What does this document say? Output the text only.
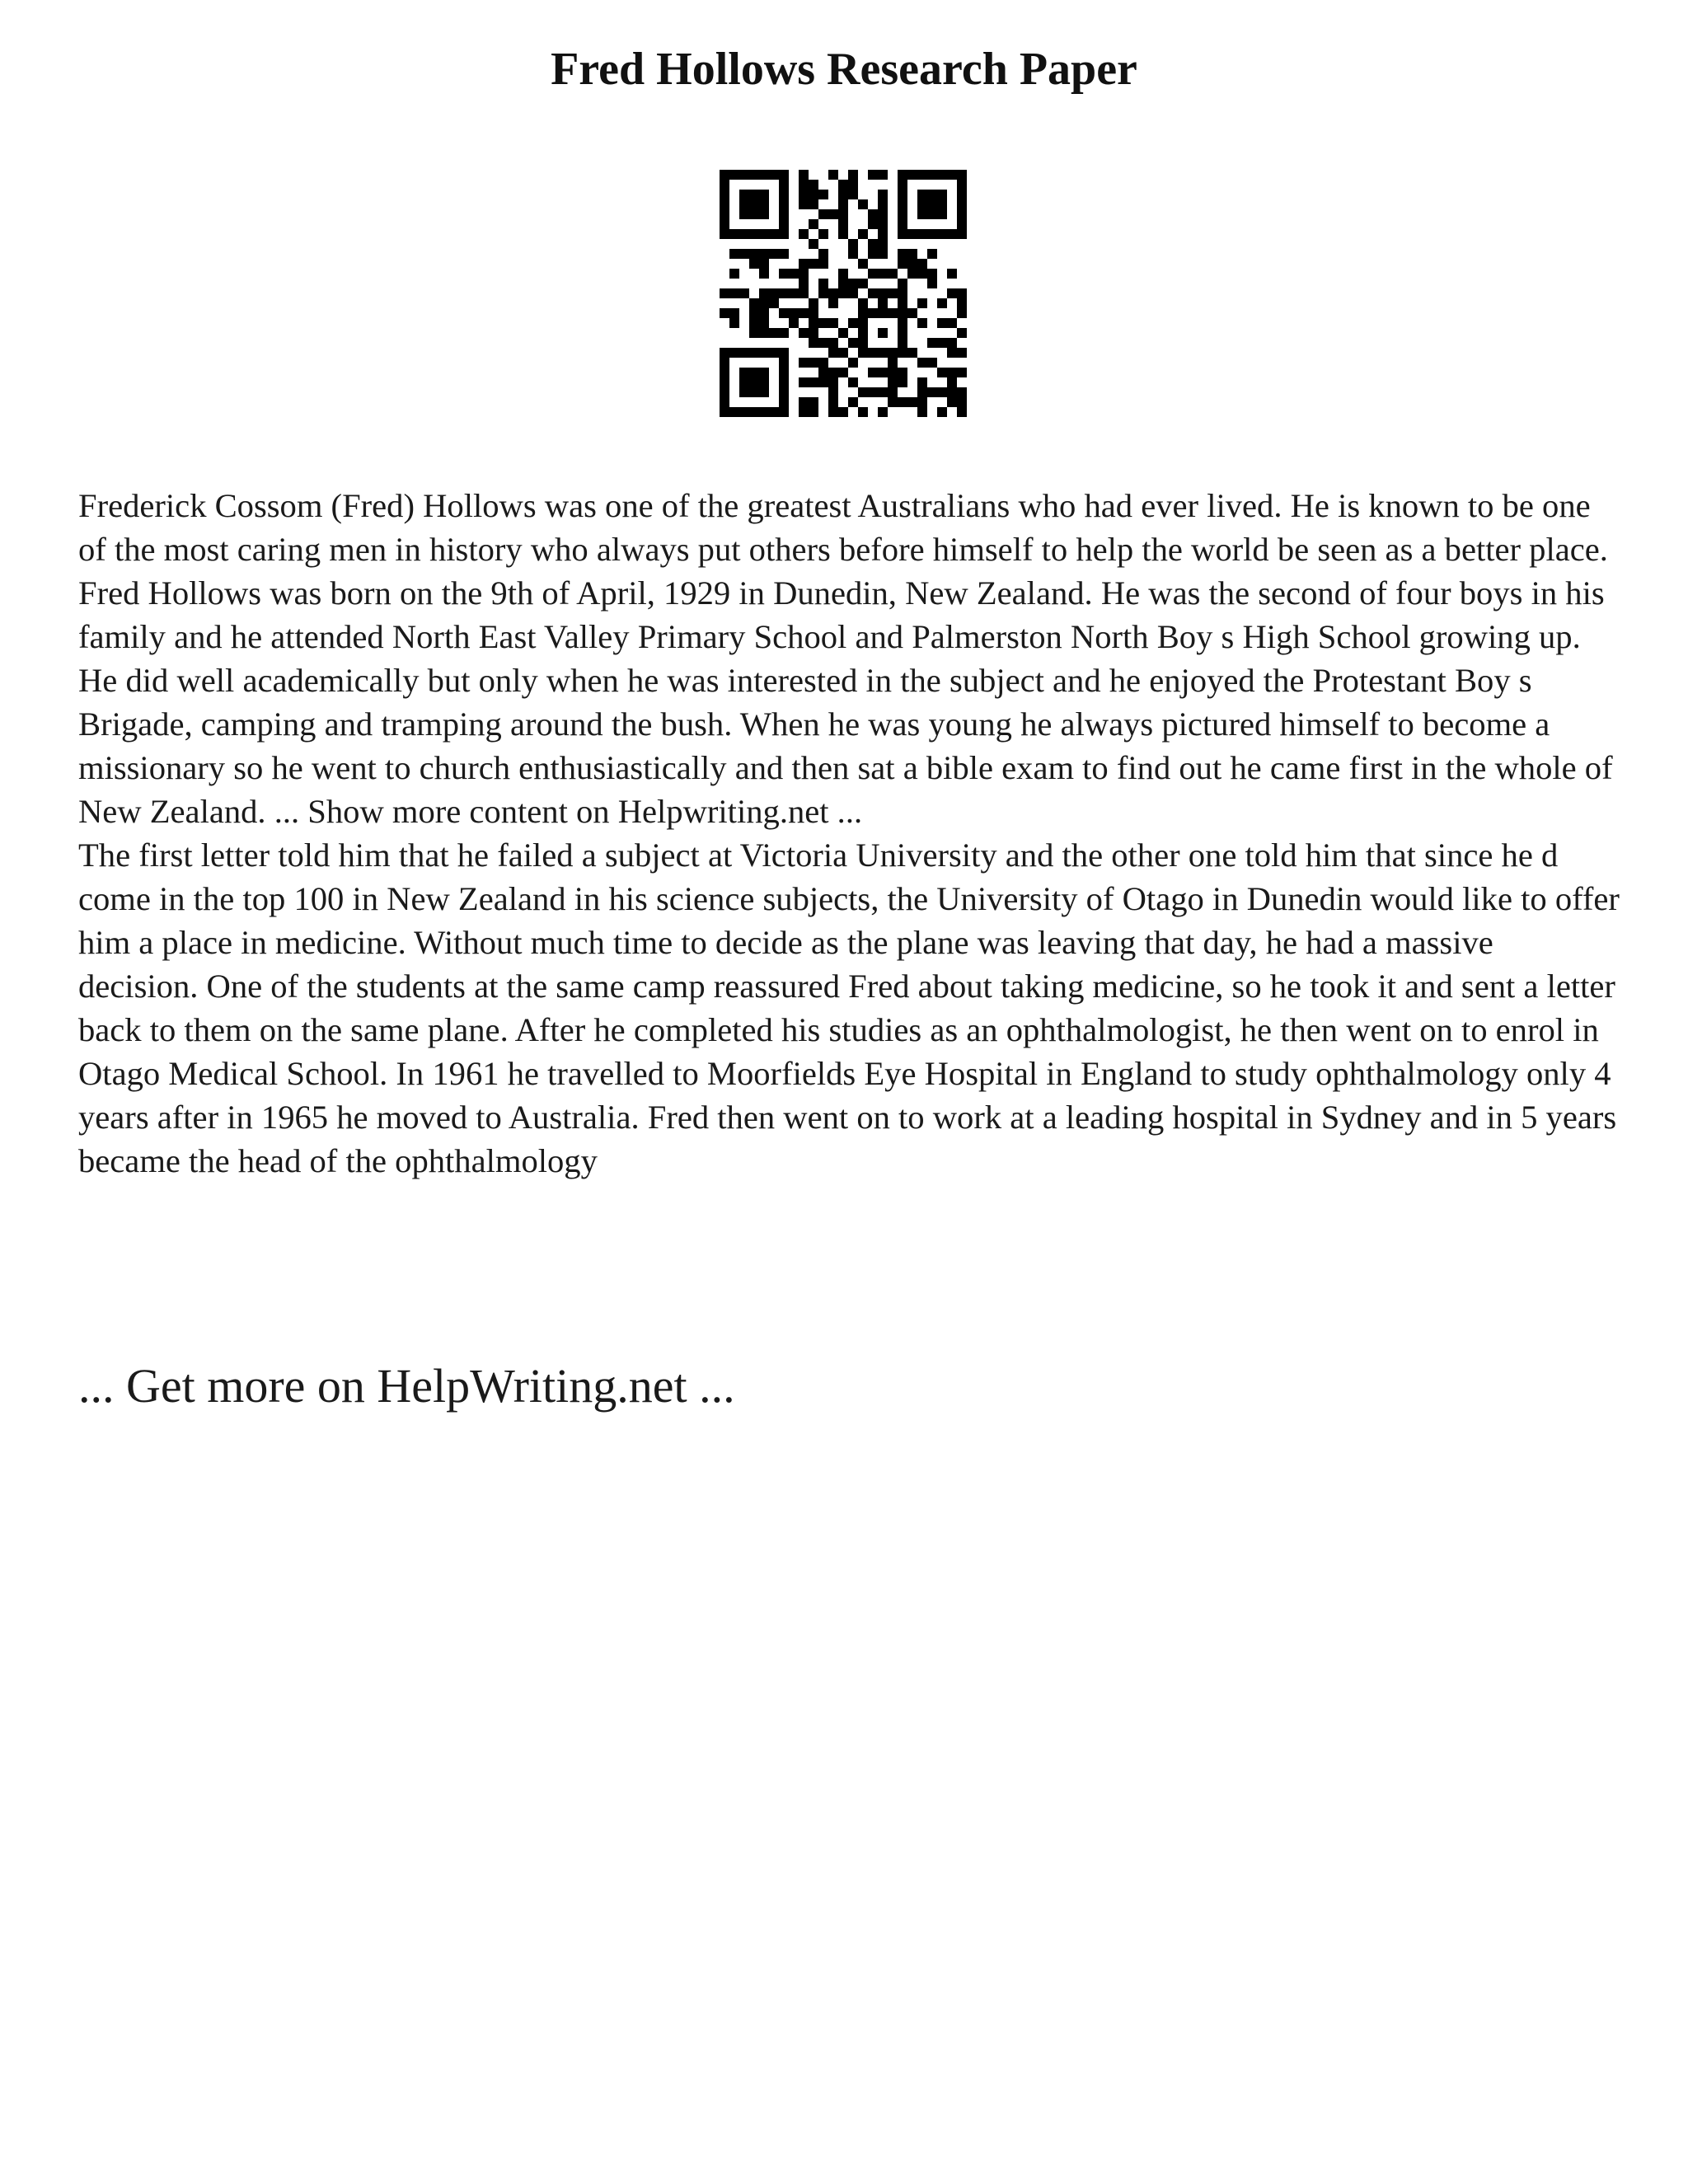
Fred Hollows Research Paper

Frederick Cossom (Fred) Hollows was one of the greatest Australians who had ever lived. He is known to be one of the most caring men in history who always put others before himself to help the world be seen as a better place.

Fred Hollows was born on the 9th of April, 1929 in Dunedin, New Zealand. He was the second of four boys in his family and he attended North East Valley Primary School and Palmerston North Boy s High School growing up. He did well academically but only when he was interested in the subject and he enjoyed the Protestant Boy s Brigade, camping and tramping around the bush. When he was young he always pictured himself to become a missionary so he went to church enthusiastically and then sat a bible exam to find out he came first in the whole of New Zealand. ... Show more content on Helpwriting.net ...

The first letter told him that he failed a subject at Victoria University and the other one told him that since he d come in the top 100 in New Zealand in his science subjects, the University of Otago in Dunedin would like to offer him a place in medicine. Without much time to decide as the plane was leaving that day, he had a massive decision. One of the students at the same camp reassured Fred about taking medicine, so he took it and sent a letter back to them on the same plane. After he completed his studies as an ophthalmologist, he then went on to enrol in Otago Medical School. In 1961 he travelled to Moorfields Eye Hospital in England to study ophthalmology only 4 years after in 1965 he moved to Australia. Fred then went on to work at a leading hospital in Sydney and in 5 years became the head of the ophthalmology

... Get more on HelpWriting.net ...
